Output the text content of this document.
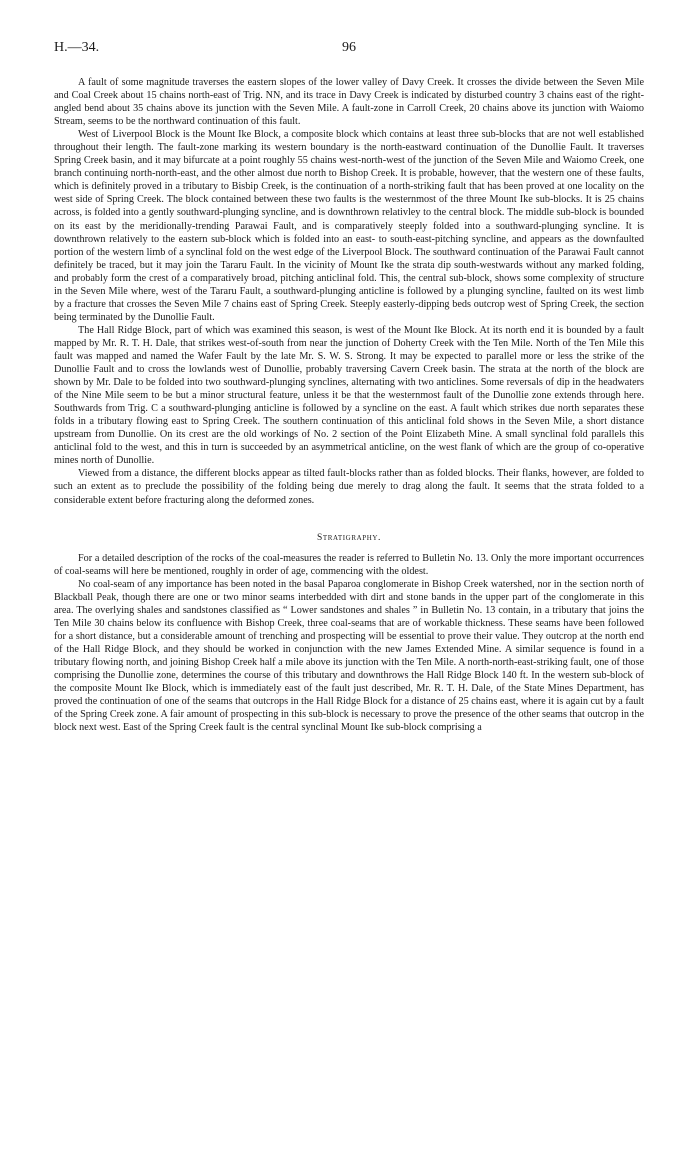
H.—34.	96

A fault of some magnitude traverses the eastern slopes of the lower valley of Davy Creek. It crosses the divide between the Seven Mile and Coal Creek about 15 chains north-east of Trig. NN, and its trace in Davy Creek is indicated by disturbed country 3 chains east of the right-angled bend about 35 chains above its junction with the Seven Mile. A fault-zone in Carroll Creek, 20 chains above its junction with Waiomo Stream, seems to be the northward continuation of this fault.

West of Liverpool Block is the Mount Ike Block, a composite block which contains at least three sub-blocks that are not well established throughout their length. The fault-zone marking its western boundary is the north-eastward continuation of the Dunollie Fault. It traverses Spring Creek basin, and it may bifurcate at a point roughly 55 chains west-north-west of the junction of the Seven Mile and Waiomo Creek, one branch continuing north-north-east, and the other almost due north to Bishop Creek. It is probable, however, that the western one of these faults, which is definitely proved in a tributary to Bisbip Creek, is the continuation of a north-striking fault that has been proved at one locality on the west side of Spring Creek. The block contained between these two faults is the westernmost of the three Mount Ike sub-blocks. It is 25 chains across, is folded into a gently southward-plunging syncline, and is downthrown relativley to the central block. The middle sub-block is bounded on its east by the meridionally-trending Parawai Fault, and is comparatively steeply folded into a southward-plunging syncline. It is downthrown relatively to the eastern sub-block which is folded into an east- to south-east-pitching syncline, and appears as the downfaulted portion of the western limb of a synclinal fold on the west edge of the Liverpool Block. The southward continuation of the Parawai Fault cannot definitely be traced, but it may join the Tararu Fault. In the vicinity of Mount Ike the strata dip south-westwards without any marked folding, and probably form the crest of a comparatively broad, pitching anticlinal fold. This, the central sub-block, shows some complexity of structure in the Seven Mile where, west of the Tararu Fault, a southward-plunging anticline is followed by a plunging syncline, faulted on its west limb by a fracture that crosses the Seven Mile 7 chains east of Spring Creek. Steeply easterly-dipping beds outcrop west of Spring Creek, the section being terminated by the Dunollie Fault.

The Hall Ridge Block, part of which was examined this season, is west of the Mount Ike Block. At its north end it is bounded by a fault mapped by Mr. R. T. H. Dale, that strikes west-of-south from near the junction of Doherty Creek with the Ten Mile. North of the Ten Mile this fault was mapped and named the Wafer Fault by the late Mr. S. W. S. Strong. It may be expected to parallel more or less the strike of the Dunollie Fault and to cross the lowlands west of Dunollie, probably traversing Cavern Creek basin. The strata at the north of the block are shown by Mr. Dale to be folded into two southward-plunging synclines, alternating with two anticlines. Some reversals of dip in the headwaters of the Nine Mile seem to be but a minor structural feature, unless it be that the westernmost fault of the Dunollie zone extends through here. Southwards from Trig. C a southward-plunging anticline is followed by a syncline on the east. A fault which strikes due north separates these folds in a tributary flowing east to Spring Creek. The southern continuation of this anticlinal fold shows in the Seven Mile, a short distance upstream from Dunollie. On its crest are the old workings of No. 2 section of the Point Elizabeth Mine. A small synclinal fold parallels this anticlinal fold to the west, and this in turn is succeeded by an asymmetrical anticline, on the west flank of which are the group of co-operative mines north of Dunollie.

Viewed from a distance, the different blocks appear as tilted fault-blocks rather than as folded blocks. Their flanks, however, are folded to such an extent as to preclude the possibility of the folding being due merely to drag along the fault. It seems that the strata folded to a considerable extent before fracturing along the deformed zones.

Stratigraphy.

For a detailed description of the rocks of the coal-measures the reader is referred to Bulletin No. 13. Only the more important occurrences of coal-seams will here be mentioned, roughly in order of age, commencing with the oldest.

No coal-seam of any importance has been noted in the basal Paparoa conglomerate in Bishop Creek watershed, nor in the section north of Blackball Peak, though there are one or two minor seams interbedded with dirt and stone bands in the upper part of the conglomerate in this area. The overlying shales and sandstones classified as “ Lower sandstones and shales ” in Bulletin No. 13 contain, in a tributary that joins the Ten Mile 30 chains below its confluence with Bishop Creek, three coal-seams that are of workable thickness. These seams have been followed for a short distance, but a considerable amount of trenching and prospecting will be essential to prove their value. They outcrop at the north end of the Hall Ridge Block, and they should be worked in conjunction with the new James Extended Mine. A similar sequence is found in a tributary flowing north, and joining Bishop Creek half a mile above its junction with the Ten Mile. A north-north-east-striking fault, one of those comprising the Dunollie zone, determines the course of this tributary and downthrows the Hall Ridge Block 140 ft. In the western sub-block of the composite Mount Ike Block, which is immediately east of the fault just described, Mr. R. T. H. Dale, of the State Mines Department, has proved the continuation of one of the seams that outcrops in the Hall Ridge Block for a distance of 25 chains east, where it is again cut by a fault of the Spring Creek zone. A fair amount of prospecting in this sub-block is necessary to prove the presence of the other seams that outcrop in the block next west. East of the Spring Creek fault is the central synclinal Mount Ike sub-block comprising a
